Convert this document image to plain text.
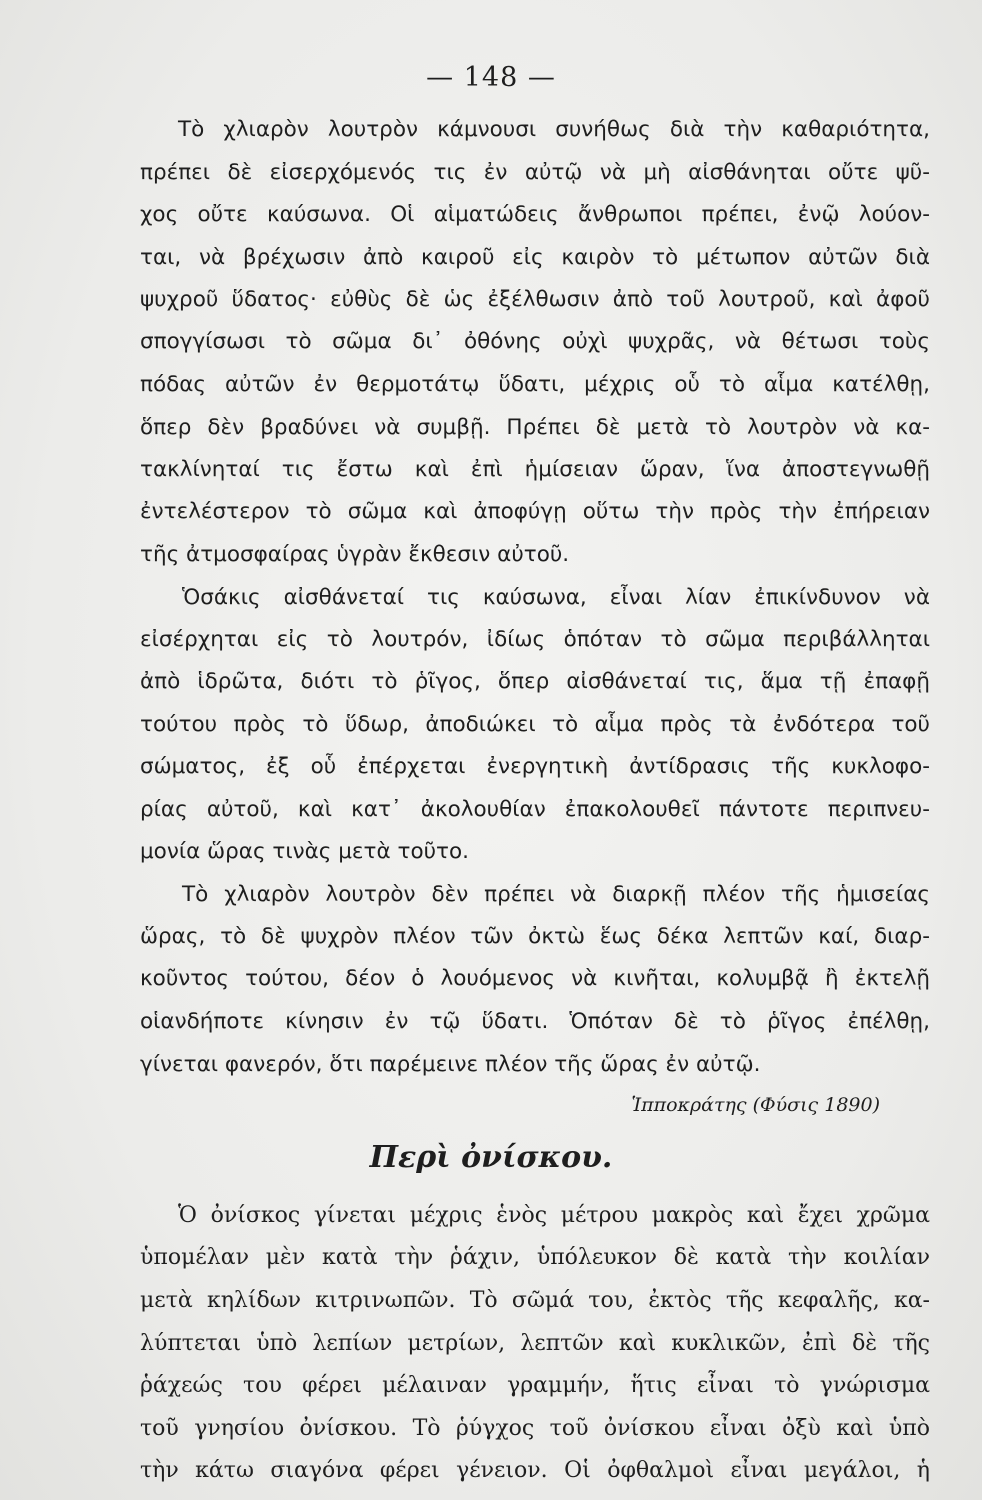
— 148 —
Τὸ χλιαρὸν λουτρὸν κάμνουσι συνήθως διὰ τὴν καθαριότητα,
πρέπει δὲ εἰσερχόμενός τις ἐν αὐτῷ νὰ μὴ αἰσθάνηται οὔτε ψῦ-
χος οὔτε καύσωνα. Οἱ αἱματώδεις ἄνθρωποι πρέπει, ἐνῷ λούον-
ται, νὰ βρέχωσιν ἀπὸ καιροῦ εἰς καιρὸν τὸ μέτωπον αὐτῶν διὰ
ψυχροῦ ὕδατος· εὐθὺς δὲ ὡς ἐξέλθωσιν ἀπὸ τοῦ λουτροῦ, καὶ ἀφοῦ
σπογγίσωσι τὸ σῶμα δι᾽ ὀθόνης οὐχὶ ψυχρᾶς, νὰ θέτωσι τοὺς
πόδας αὐτῶν ἐν θερμοτάτῳ ὕδατι, μέχρις οὗ τὸ αἷμα κατέλθῃ,
ὅπερ δὲν βραδύνει νὰ συμβῇ. Πρέπει δὲ μετὰ τὸ λουτρὸν νὰ κα-
τακλίνηταί τις ἔστω καὶ ἐπὶ ἡμίσειαν ὥραν, ἵνα ἀποστεγνωθῇ
ἐντελέστερον τὸ σῶμα καὶ ἀποφύγῃ οὕτω τὴν πρὸς τὴν ἐπήρειαν
τῆς ἀτμοσφαίρας ὑγρὰν ἔκθεσιν αὐτοῦ.
Ὁσάκις αἰσθάνεταί τις καύσωνα, εἶναι λίαν ἐπικίνδυνον νὰ
εἰσέρχηται εἰς τὸ λουτρόν, ἰδίως ὁπόταν τὸ σῶμα περιβάλληται
ἀπὸ ἱδρῶτα, διότι τὸ ῥῖγος, ὅπερ αἰσθάνεταί τις, ἅμα τῇ ἐπαφῇ
τούτου πρὸς τὸ ὕδωρ, ἀποδιώκει τὸ αἷμα πρὸς τὰ ἐνδότερα τοῦ
σώματος, ἐξ οὗ ἐπέρχεται ἐνεργητικὴ ἀντίδρασις τῆς κυκλοφο-
ρίας αὐτοῦ, καὶ κατ᾽ ἀκολουθίαν ἐπακολουθεῖ πάντοτε περιπνευ-
μονία ὥρας τινὰς μετὰ τοῦτο.
Τὸ χλιαρὸν λουτρὸν δὲν πρέπει νὰ διαρκῇ πλέον τῆς ἡμισείας
ὥρας, τὸ δὲ ψυχρὸν πλέον τῶν ὀκτὼ ἕως δέκα λεπτῶν καί, διαρ-
κοῦντος τούτου, δέον ὁ λουόμενος νὰ κινῆται, κολυμβᾷ ἢ ἐκτελῇ
οἱανδήποτε κίνησιν ἐν τῷ ὕδατι. Ὁπόταν δὲ τὸ ῥῖγος ἐπέλθῃ,
γίνεται φανερόν, ὅτι παρέμεινε πλέον τῆς ὥρας ἐν αὐτῷ.
Ἱπποκράτης (Φύσις 1890)
Περὶ ὀνίσκου.
Ὁ ὀνίσκος γίνεται μέχρις ἑνὸς μέτρου μακρὸς καὶ ἔχει χρῶμα
ὑπομέλαν μὲν κατὰ τὴν ῥάχιν, ὑπόλευκον δὲ κατὰ τὴν κοιλίαν
μετὰ κηλίδων κιτρινωπῶν. Τὸ σῶμά του, ἐκτὸς τῆς κεφαλῆς, κα-
λύπτεται ὑπὸ λεπίων μετρίων, λεπτῶν καὶ κυκλικῶν, ἐπὶ δὲ τῆς
ῥάχεώς του φέρει μέλαιναν γραμμήν, ἥτις εἶναι τὸ γνώρισμα
τοῦ γνησίου ὀνίσκου. Τὸ ῥύγχος τοῦ ὀνίσκου εἶναι ὀξὺ καὶ ὑπὸ
τὴν κάτω σιαγόνα φέρει γένειον. Οἱ ὀφθαλμοὶ εἶναι μεγάλοι, ἡ
